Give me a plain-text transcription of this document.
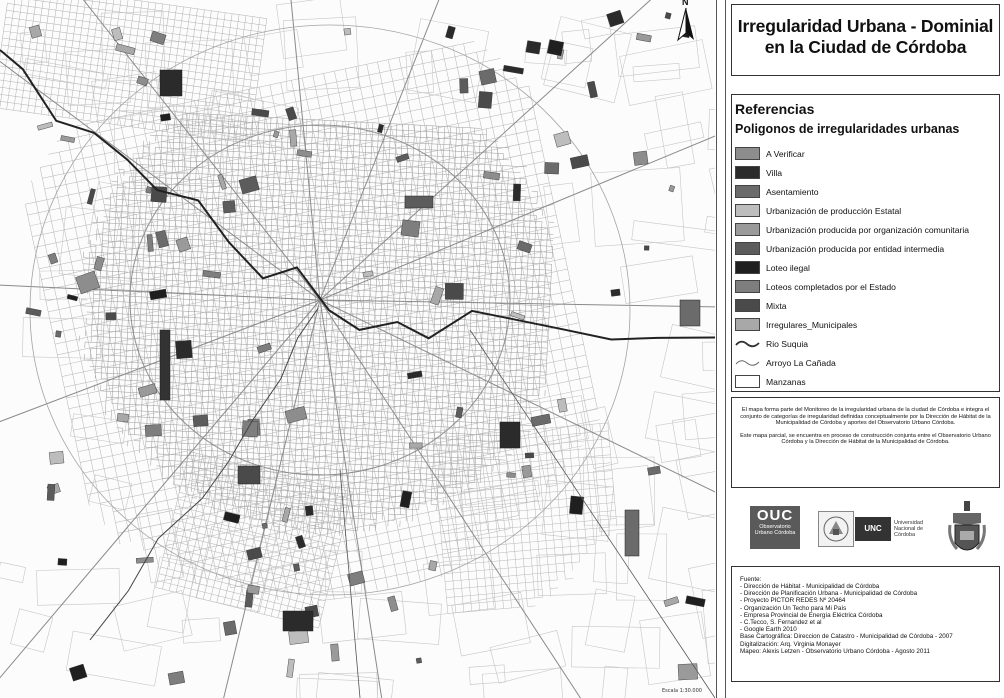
N
Escala 1:30.000
Irregularidad Urbana - Dominial
en la Ciudad de Córdoba
Referencias
Poligonos de irregularidades urbanas
A Verificar
Villa
Asentamiento
Urbanización de producción Estatal
Urbanización producida por organización comunitaria
Urbanización producida por entidad intermedia
Loteo ilegal
Loteos completados por el Estado
Mixta
Irregulares_Municipales
Rio Suquia
Arroyo La Cañada
Manzanas

El mapa forma parte del Monitoreo de la irregularidad urbana de la ciudad de Córdoba e integra el conjunto de categorías de irregularidad definidas conceptualmente por la Dirección de Hábitat de la Municipalidad de Córdoba y aportes del Observatorio Urbano Córdoba.

Este mapa parcial, se encuentra en proceso de construcción conjunta entre el Observatorio Urbano Córdoba y la Dirección de Hábitat de la Municipalidad de Córdoba.

OUC
Observatorio Urbano Córdoba	UNC
Universidad Nacional de Córdoba
Fuente:
- Dirección de Hábitat - Municipalidad de Córdoba
- Dirección de Planificación Urbana - Municipalidad de Córdoba
- Proyecto PICTOR REDES Nº 20464
- Organización Un Techo para Mi País
- Empresa Provincial de Energía Eléctrica Córdoba
- C.Tecco, S. Fernandez et al
- Google Earth 2010
Base Cartográfica: Direccion de Catastro - Municipalidad de Córdoba - 2007
Digitalización: Arq. Virginia Monayer
Mapeo: Alexis Letzen - Observatorio Urbano Córdoba - Agosto 2011
